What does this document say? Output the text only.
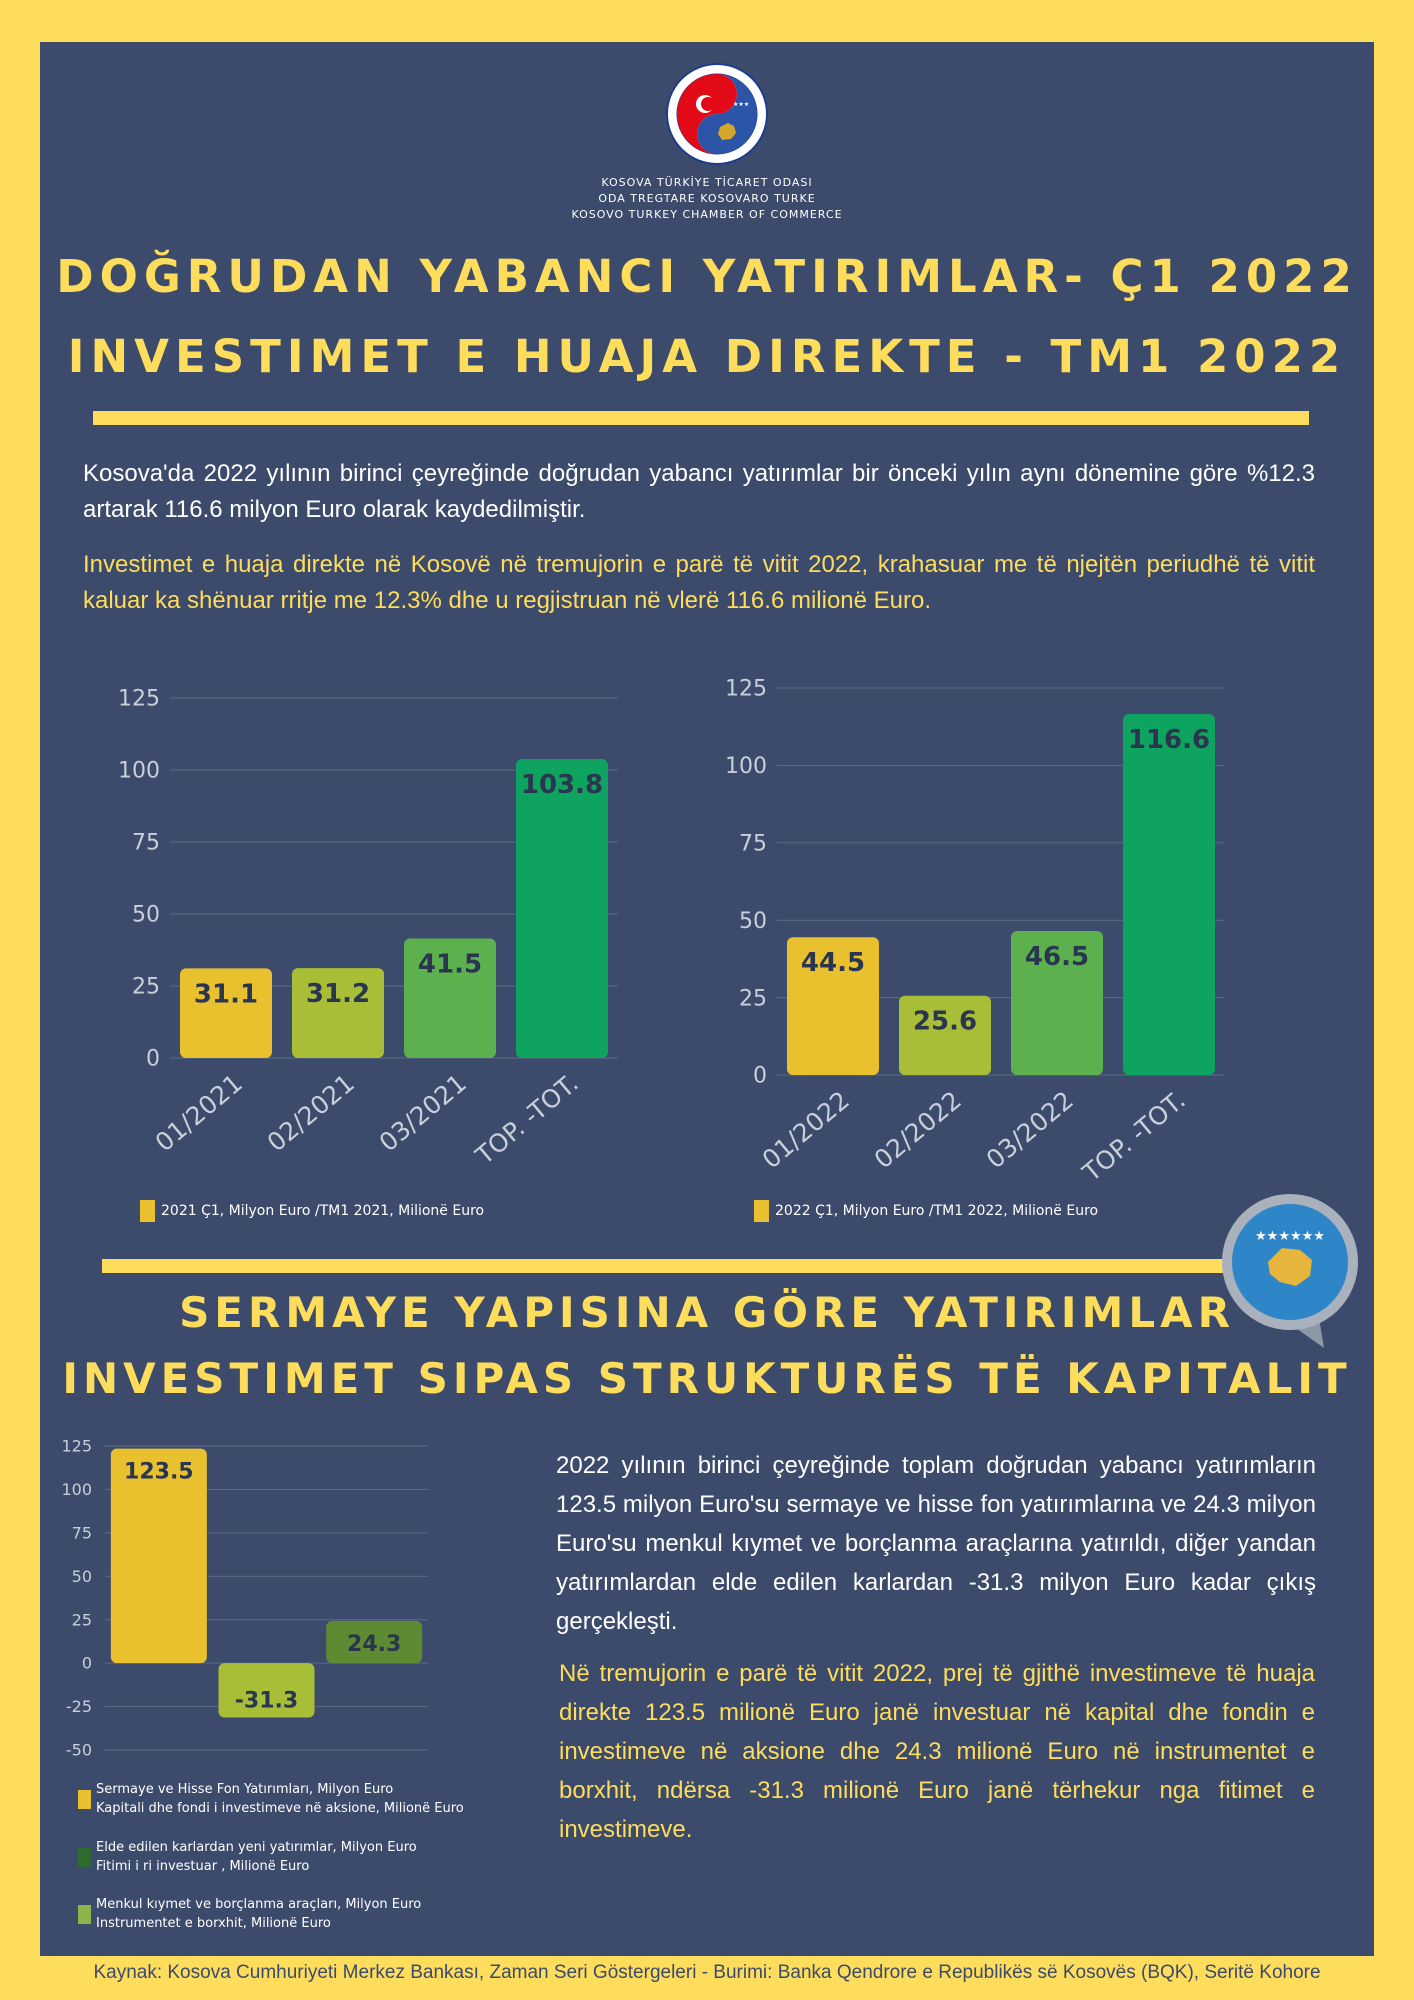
★★★
KOSOVA TÜRKİYE TİCARET ODASI
ODA TREGTARE KOSOVARO TURKE
KOSOVO TURKEY CHAMBER OF COMMERCE
DOĞRUDAN YABANCI YATIRIMLAR- Ç1 2022
INVESTIMET E HUAJA DIREKTE - TM1 2022

Kosova'da 2022 yılının birinci çeyreğinde doğrudan yabancı yatırımlar bir önceki yılın aynı dönemine göre %12.3 artarak 116.6 milyon Euro olarak kaydedilmiştir.

Investimet e huaja direkte në Kosovë në tremujorin e parë të vitit 2022, krahasuar me të njejtën periudhë të vitit kaluar ka shënuar rritje me 12.3% dhe u regjistruan në vlerë 116.6 milionë Euro.

0
25
50
75
100
125
31.1
01/2021
31.2
02/2021
41.5
03/2021
103.8
TOP. -TOT.
2021 Ç1, Milyon Euro /TM1 2021, Milionë Euro
0
25
50
75
100
125
44.5
01/2022
25.6
02/2022
46.5
03/2022
116.6
TOP. -TOT.
2022 Ç1, Milyon Euro /TM1 2022, Milionë Euro
★★★★★★
SERMAYE YAPISINA GÖRE YATIRIMLAR
INVESTIMET SIPAS STRUKTURËS TË KAPITALIT
-50
-25
0
25
50
75
100
125
123.5
-31.3
24.3
Sermaye ve Hisse Fon Yatırımları, Milyon Euro
Kapitali dhe fondi i investimeve në aksione, Milionë Euro
Elde edilen karlardan yeni yatırımlar, Milyon Euro
Fitimi i ri investuar , Milionë Euro
Menkul kıymet ve borçlanma araçları, Milyon Euro
Instrumentet e borxhit, Milionë Euro

2022 yılının birinci çeyreğinde toplam doğrudan yabancı yatırımların 123.5 milyon Euro'su sermaye ve hisse fon yatırımlarına ve 24.3 milyon Euro'su menkul kıymet ve borçlanma araçlarına yatırıldı, diğer yandan yatırımlardan elde edilen karlardan -31.3 milyon Euro kadar çıkış gerçekleşti.

Në tremujorin e parë të vitit 2022, prej të gjithë investimeve të huaja direkte 123.5 milionë Euro janë investuar në kapital dhe fondin e investimeve në aksione dhe 24.3 milionë Euro në instrumentet e borxhit, ndërsa -31.3 milionë Euro janë tërhekur nga fitimet e investimeve.

Kaynak: Kosova Cumhuriyeti Merkez Bankası, Zaman Seri Göstergeleri - Burimi: Banka Qendrore e Republikës së Kosovës (BQK), Seritë Kohore
